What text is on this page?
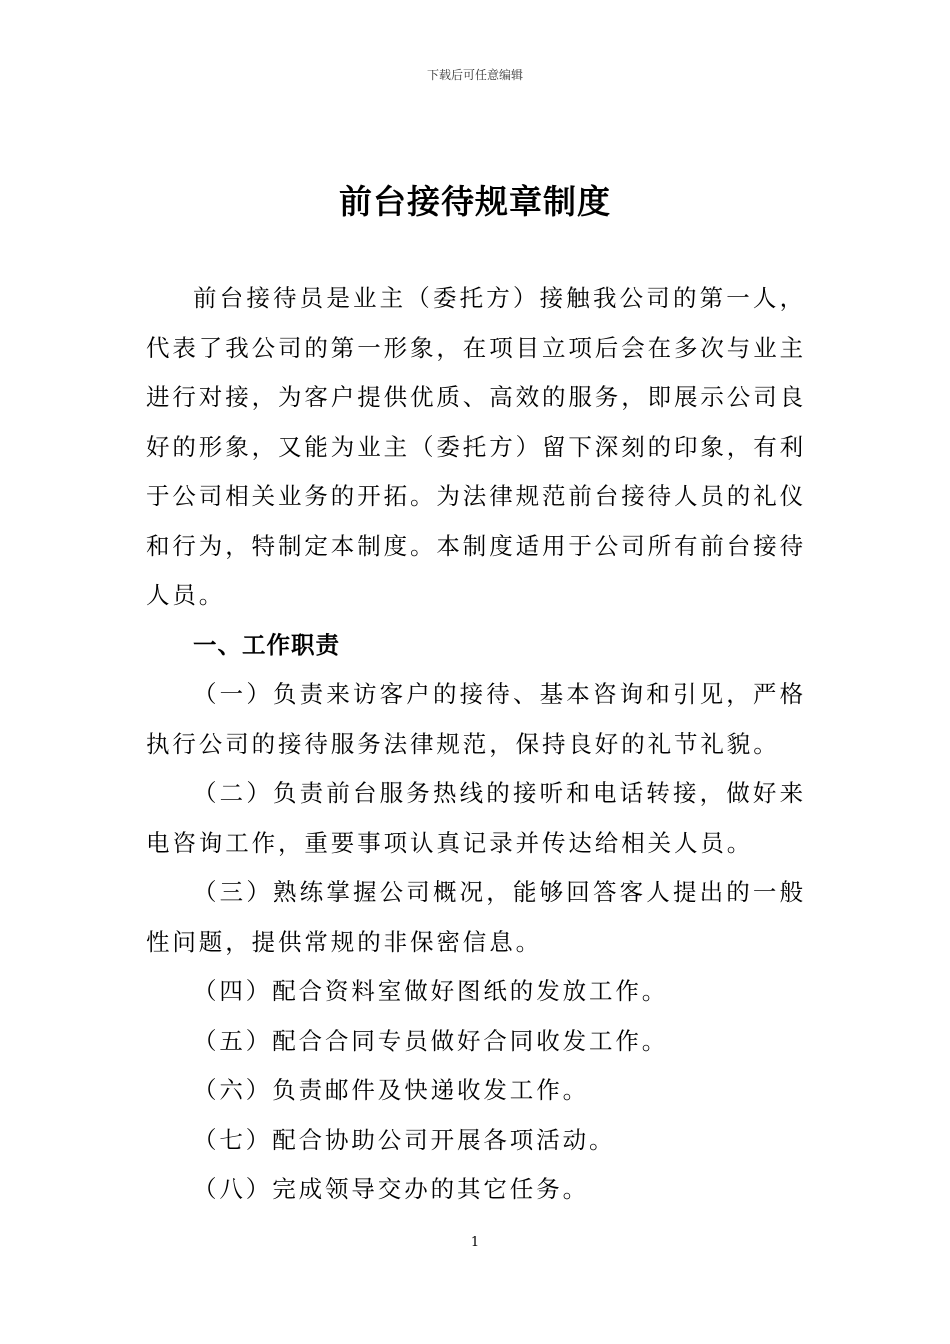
下载后可任意编辑
前台接待规章制度

前台接待员是业主（委托方）接触我公司的第一人，代表了我公司的第一形象，在项目立项后会在多次与业主进行对接，为客户提供优质、高效的服务，即展示公司良好的形象，又能为业主（委托方）留下深刻的印象，有利于公司相关业务的开拓。为法律规范前台接待人员的礼仪和行为，特制定本制度。本制度适用于公司所有前台接待人员。

一、工作职责

（一）负责来访客户的接待、基本咨询和引见，严格执行公司的接待服务法律规范，保持良好的礼节礼貌。

（二）负责前台服务热线的接听和电话转接，做好来电咨询工作，重要事项认真记录并传达给相关人员。

（三）熟练掌握公司概况，能够回答客人提出的一般性问题，提供常规的非保密信息。

（四）配合资料室做好图纸的发放工作。

（五）配合合同专员做好合同收发工作。

（六）负责邮件及快递收发工作。

（七）配合协助公司开展各项活动。

（八）完成领导交办的其它任务。

1
